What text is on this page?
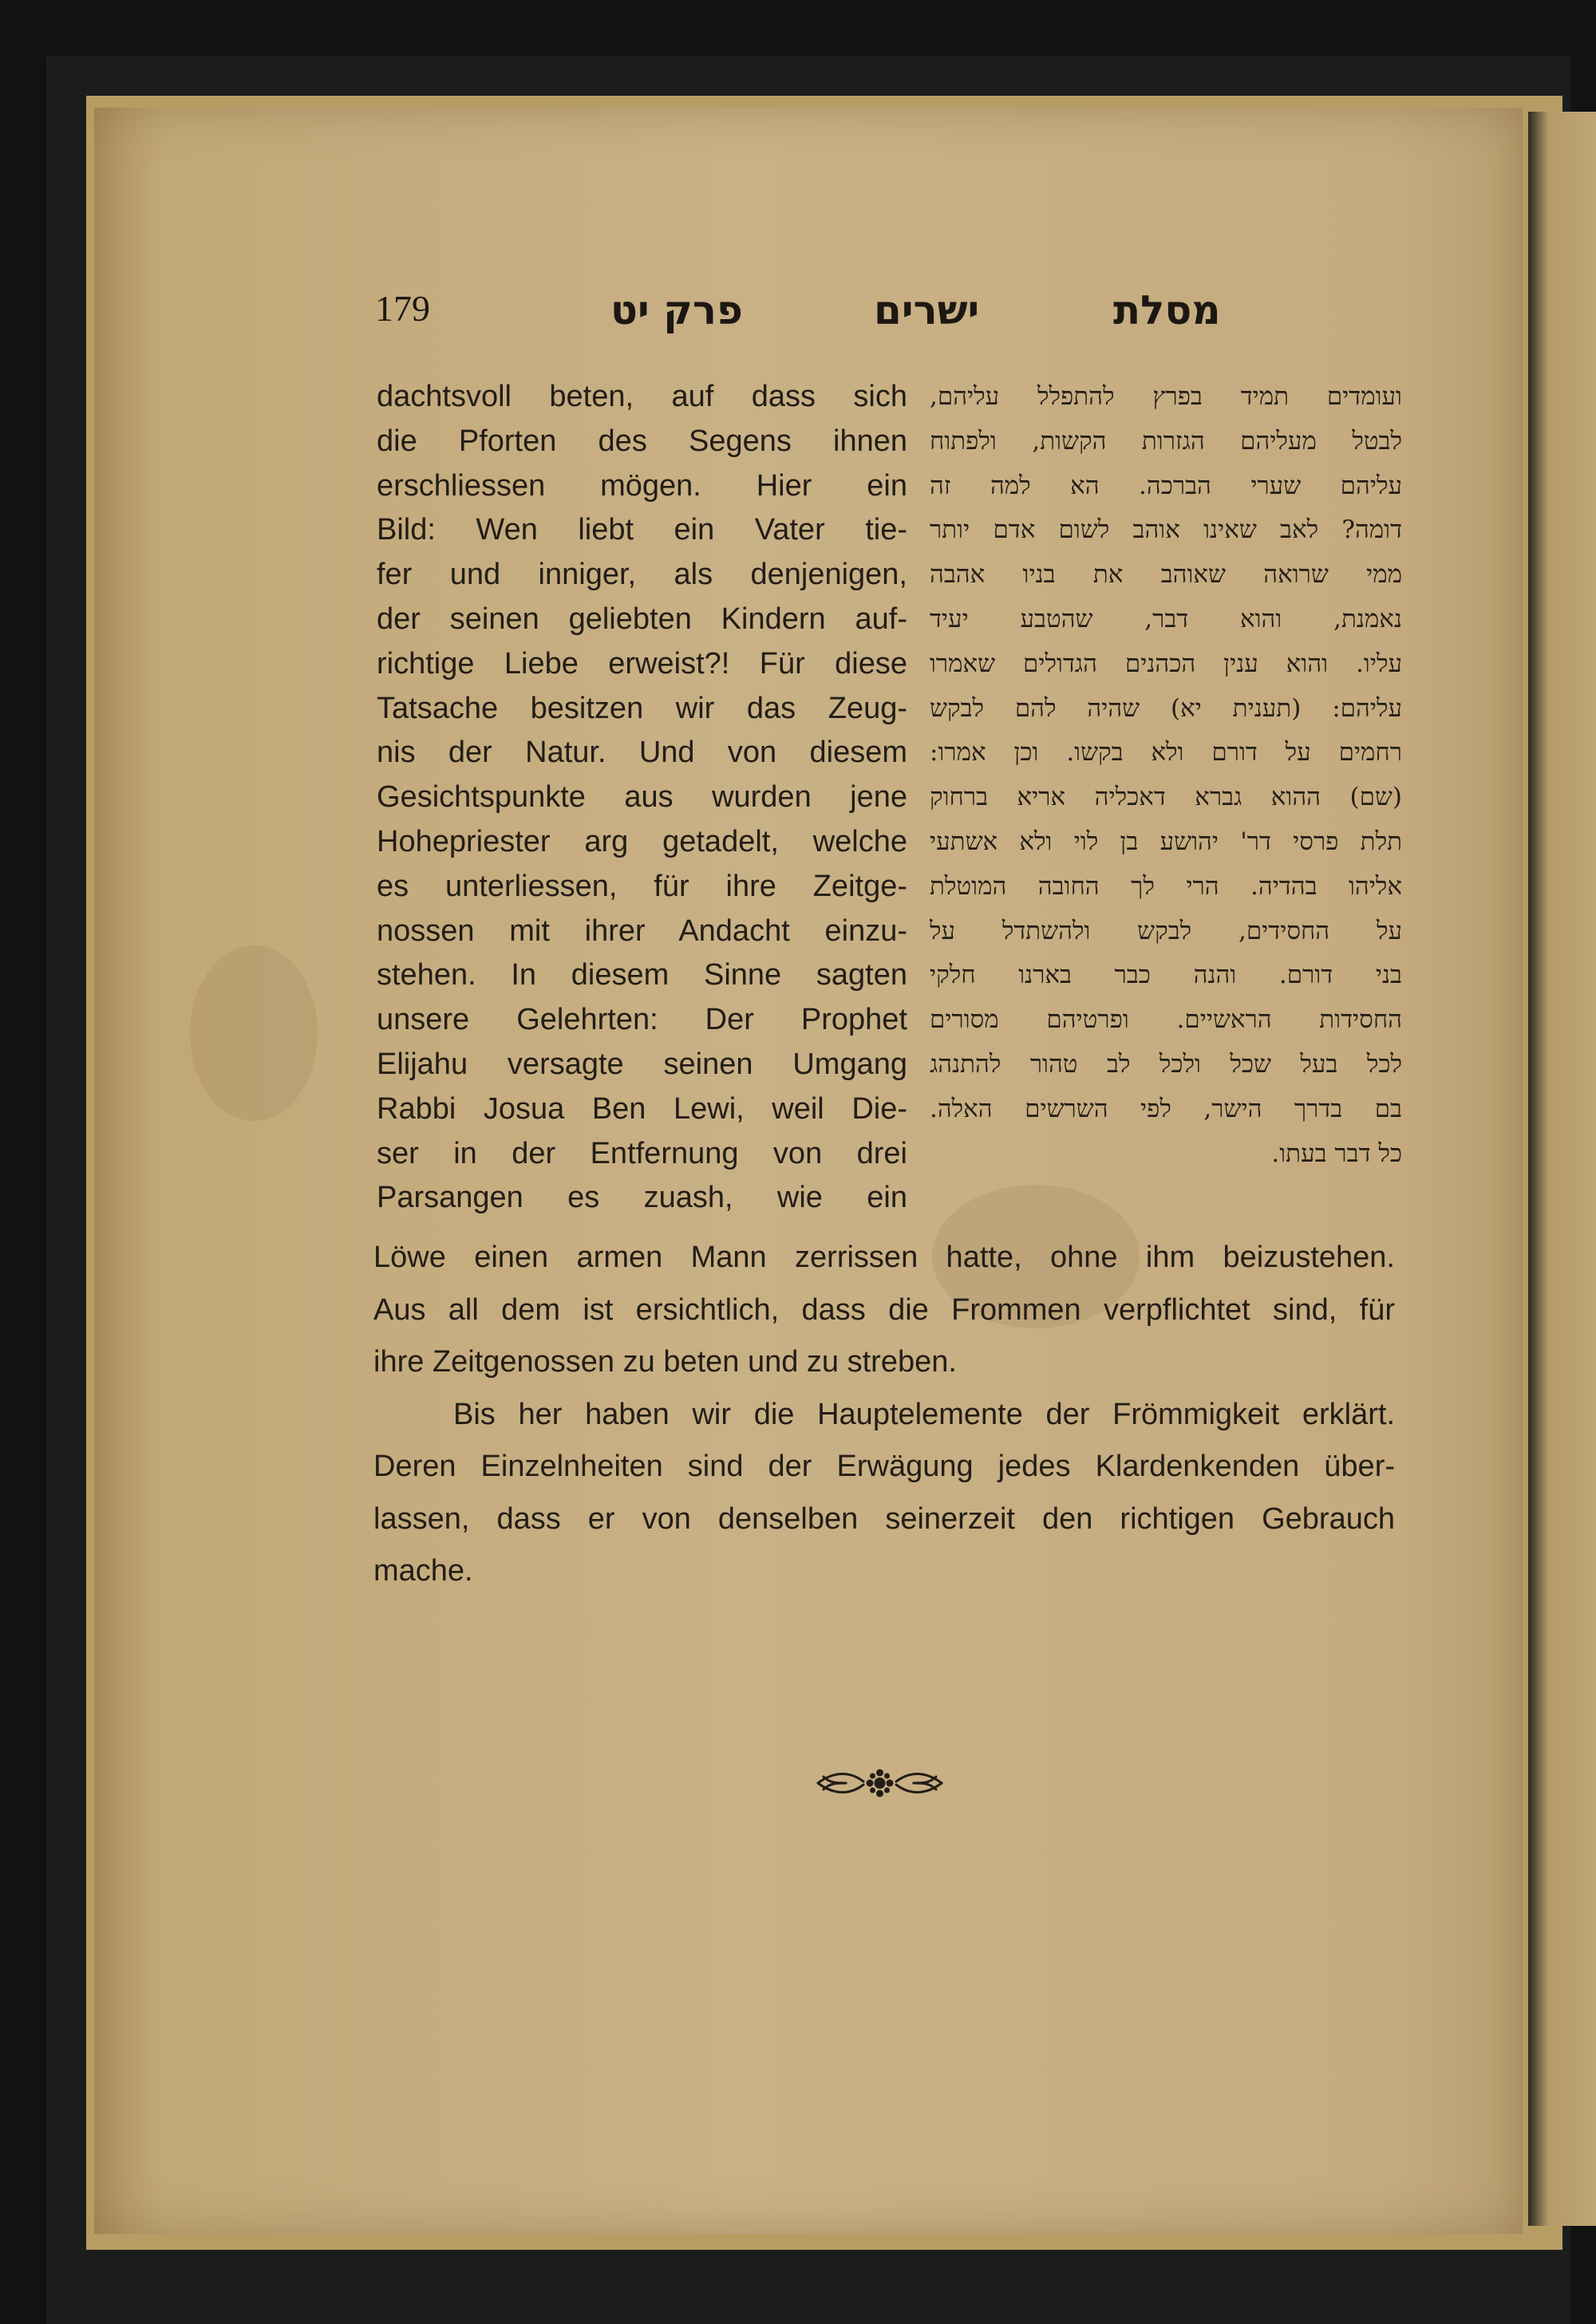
179	פרק יט	ישרים	מסלת
dachtsvoll beten, auf dass sich
die Pforten des Segens ihnen
erschliessen mögen. Hier ein
Bild: Wen liebt ein Vater tie-
fer und inniger, als denjenigen,
der seinen geliebten Kindern auf-
richtige Liebe erweist?! Für diese
Tatsache besitzen wir das Zeug-
nis der Natur. Und von diesem
Gesichtspunkte aus wurden jene
Hohepriester arg getadelt, welche
es unterliessen, für ihre Zeitge-
nossen mit ihrer Andacht einzu-
stehen. In diesem Sinne sagten
unsere Gelehrten: Der Prophet
Elijahu versagte seinen Umgang
Rabbi Josua Ben Lewi, weil Die-
ser in der Entfernung von drei
Parsangen es zuash, wie ein
ועומדים תמיד בפרץ להתפלל עליהם,
לבטל מעליהם הגזרות הקשות, ולפתוח
עליהם שערי הברכה. הא למה זה
דומה? לאב שאינו אוהב לשום אדם יותר
ממי שרואה שאוהב את בניו אהבה
נאמנת, והוא דבר, שהטבע יעיד
עליו. והוא ענין הכהנים הגדולים שאמרו
עליהם: (תענית יא) שהיה להם לבקש
רחמים על דורם ולא בקשו. וכן אמרו:
(שם) ההוא גברא דאכליה אריא ברחוק
תלת פרסי דר' יהושע בן לוי ולא אשתעי
אליהו בהדיה. הרי לך החובה המוטלת
על החסידים, לבקש ולהשתדל על
בני דורם. והנה כבר בארנו חלקי
החסידות הראשיים. ופרטיהם מסורים
לכל בעל שכל ולכל לב טהור להתנהג
בם בדרך הישר, לפי השרשים האלה.
כל דבר בעתו.
Löwe einen armen Mann zerrissen hatte, ohne ihm beizustehen.
Aus all dem ist ersichtlich, dass die Frommen verpflichtet sind, für
ihre Zeitgenossen zu beten und zu streben.
Bis her haben wir die Hauptelemente der Frömmigkeit erklärt.
Deren Einzelnheiten sind der Erwägung jedes Klardenkenden über-
lassen, dass er von denselben seinerzeit den richtigen Gebrauch
mache.
